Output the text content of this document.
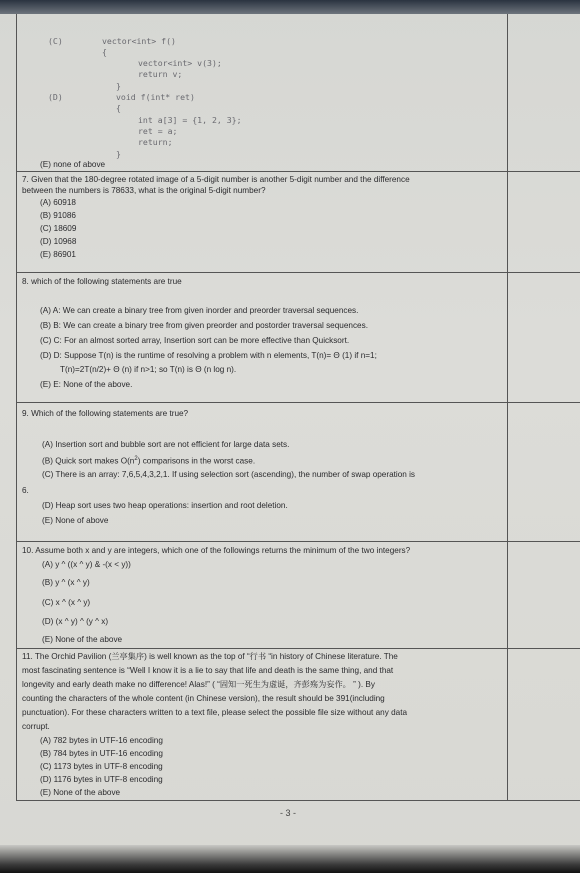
(C)	vector<int> f()
{
vector<int> v(3);
return v;
}
(D)	void f(int* ret)
{
int a[3] = {1, 2, 3};
ret = a;
return;
}
(E) none of above
7. Given that the 180-degree rotated image of a 5-digit number is another 5-digit number and the difference
between the numbers is 78633, what is the original 5-digit number?
(A) 60918
(B) 91086
(C) 18609
(D) 10968
(E) 86901
8. which of the following statements are true
(A) A: We can create a binary tree from given inorder and preorder traversal sequences.
(B) B: We can create a binary tree from given preorder and postorder traversal sequences.
(C) C: For an almost sorted array, Insertion sort can be more effective than Quicksort.
(D) D: Suppose T(n) is the runtime of resolving a problem with n elements, T(n)= Θ (1) if n=1;
T(n)=2T(n/2)+ Θ (n) if n>1; so T(n) is Θ (n log n).
(E) E: None of the above.
9. Which of the following statements are true?
(A) Insertion sort and bubble sort are not efficient for large data sets.
(B) Quick sort makes $O(n^2)$ comparisons in the worst case.
(C) There is an array: 7,6,5,4,3,2,1. If using selection sort (ascending), the number of swap operation is
6.
(D) Heap sort uses two heap operations: insertion and root deletion.
(E) None of above
10. Assume both x and y are integers, which one of the followings returns the minimum of the two integers?
(A) y ^ ((x ^ y) & -(x < y))
(B) y ^ (x ^ y)
(C) x ^ (x ^ y)
(D) (x ^ y) ^ (y ^ x)
(E) None of the above
11. The Orchid Pavilion (兰亭集序) is well known as the top of “行书 “in history of Chinese literature. The
most fascinating sentence is “Well I know it is a lie to say that life and death is the same thing, and that
longevity and early death make no difference! Alas!” ( “固知一死生为虚诞，齐彭殇为妄作。 ” ). By
counting the characters of the whole content (in Chinese version), the result should be 391(including
punctuation). For these characters written to a text file, please select the possible file size without any data
corrupt.
(A) 782 bytes in UTF-16 encoding
(B) 784 bytes in UTF-16 encoding
(C) 1173 bytes in UTF-8 encoding
(D) 1176 bytes in UTF-8 encoding
(E) None of the above
- 3 -
